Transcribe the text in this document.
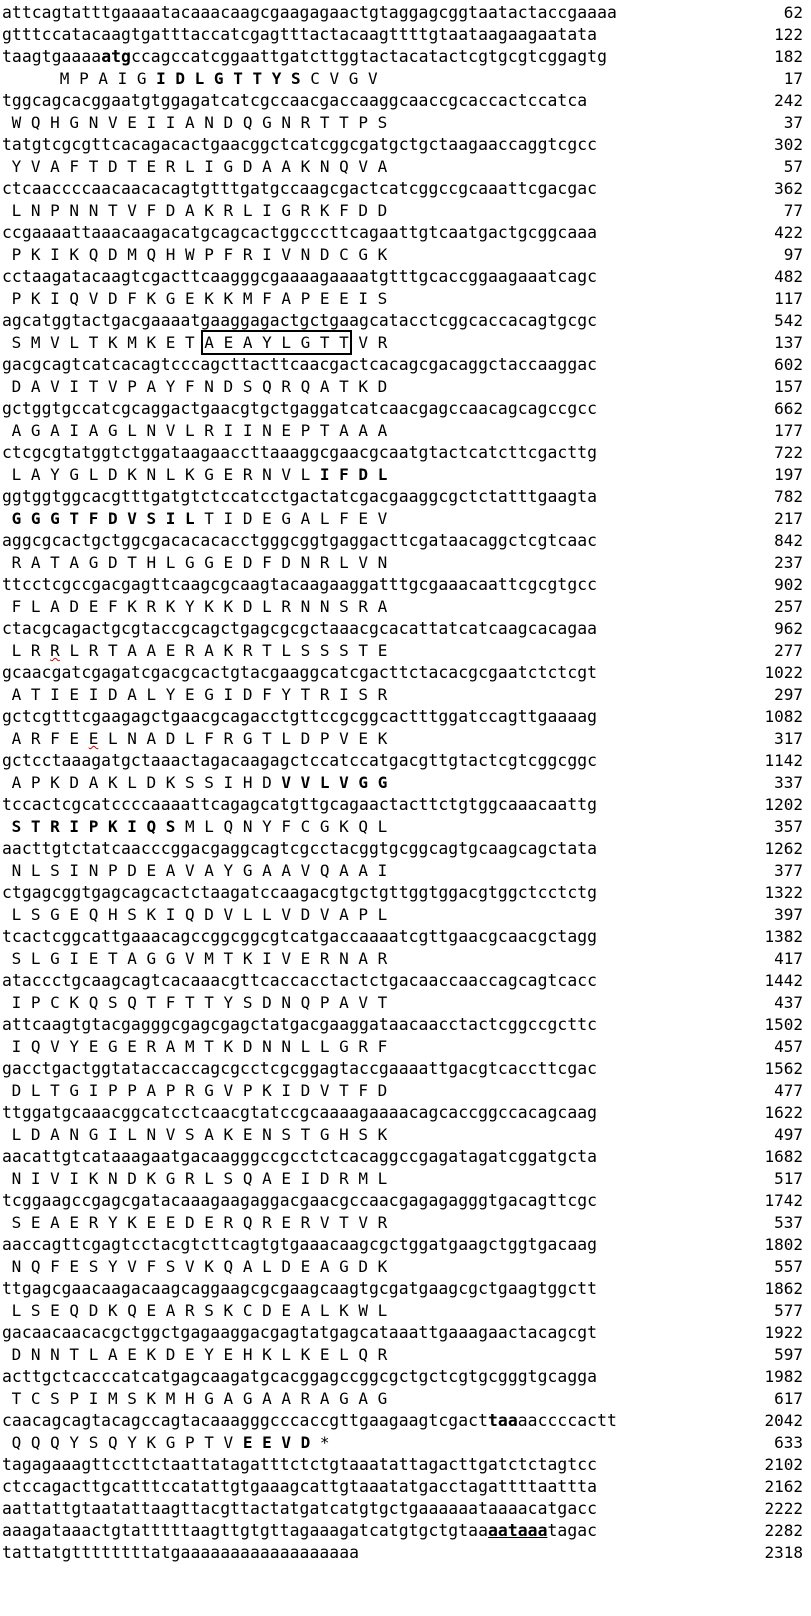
attcagtatttgaaaatacaaacaagcgaagagaactgtaggagcggtaatactaccgaaaa	62
gtttccatacaagtgatttaccatcgagtttactacaagttttgtaataagaagaatata	122
taagtgaaaaatgccagccatcggaattgatcttggtactacatactcgtgcgtcggagtg	182
M P A I G I D L G T T Y S C V G V	17
tggcagcacggaatgtggagatcatcgccaacgaccaaggcaaccgcaccactccatca	242
W Q H G N V E I I A N D Q G N R T T P S	37
tatgtcgcgttcacagacactgaacggctcatcggcgatgctgctaagaaccaggtcgcc	302
Y V A F T D T E R L I G D A A K N Q V A	57
ctcaaccccaacaacacagtgtttgatgccaagcgactcatcggccgcaaattcgacgac	362
L N P N N T V F D A K R L I G R K F D D	77
ccgaaaattaaacaagacatgcagcactggcccttcagaattgtcaatgactgcggcaaa	422
P K I K Q D M Q H W P F R I V N D C G K	97
cctaagatacaagtcgacttcaagggcgaaaagaaaatgtttgcaccggaagaaatcagc	482
P K I Q V D F K G E K K M F A P E E I S	117
agcatggtactgacgaaaatgaaggagactgctgaagcatacctcggcaccacagtgcgc	542
S M V L T K M K E T A E A Y L G T T V R	137
gacgcagtcatcacagtcccagcttacttcaacgactcacagcgacaggctaccaaggac	602
D A V I T V P A Y F N D S Q R Q A T K D	157
gctggtgccatcgcaggactgaacgtgctgaggatcatcaacgagccaacagcagccgcc	662
A G A I A G L N V L R I I N E P T A A A	177
ctcgcgtatggtctggataagaaccttaaaggcgaacgcaatgtactcatcttcgacttg	722
L A Y G L D K N L K G E R N V L I F D L	197
ggtggtggcacgtttgatgtctccatcctgactatcgacgaaggcgctctatttgaagta	782
G G G T F D V S I L T I D E G A L F E V	217
aggcgcactgctggcgacacacacctgggcggtgaggacttcgataacaggctcgtcaac	842
R A T A G D T H L G G E D F D N R L V N	237
ttcctcgccgacgagttcaagcgcaagtacaagaaggatttgcgaaacaattcgcgtgcc	902
F L A D E F K R K Y K K D L R N N S R A	257
ctacgcagactgcgtaccgcagctgagcgcgctaaacgcacattatcatcaagcacagaa	962
L R R L R T A A E R A K R T L S S S T E	277
gcaacgatcgagatcgacgcactgtacgaaggcatcgacttctacacgcgaatctctcgt	1022
A T I E I D A L Y E G I D F Y T R I S R	297
gctcgtttcgaagagctgaacgcagacctgttccgcggcactttggatccagttgaaaag	1082
A R F E E L N A D L F R G T L D P V E K	317
gctcctaaagatgctaaactagacaagagctccatccatgacgttgtactcgtcggcggc	1142
A P K D A K L D K S S I H D V V L V G G	337
tccactcgcatccccaaaattcagagcatgttgcagaactacttctgtggcaaacaattg	1202
S T R I P K I Q S M L Q N Y F C G K Q L	357
aacttgtctatcaacccggacgaggcagtcgcctacggtgcggcagtgcaagcagctata	1262
N L S I N P D E A V A Y G A A V Q A A I	377
ctgagcggtgagcagcactctaagatccaagacgtgctgttggtggacgtggctcctctg	1322
L S G E Q H S K I Q D V L L V D V A P L	397
tcactcggcattgaaacagccggcggcgtcatgaccaaaatcgttgaacgcaacgctagg	1382
S L G I E T A G G V M T K I V E R N A R	417
ataccctgcaagcagtcacaaacgttcaccacctactctgacaaccaaccagcagtcacc	1442
I P C K Q S Q T F T T Y S D N Q P A V T	437
attcaagtgtacgagggcgagcgagctatgacgaaggataacaacctactcggccgcttc	1502
I Q V Y E G E R A M T K D N N L L G R F	457
gacctgactggtataccaccagcgcctcgcggagtaccgaaaattgacgtcaccttcgac	1562
D L T G I P P A P R G V P K I D V T F D	477
ttggatgcaaacggcatcctcaacgtatccgcaaaagaaaacagcaccggccacagcaag	1622
L D A N G I L N V S A K E N S T G H S K	497
aacattgtcataaagaatgacaagggccgcctctcacaggccgagatagatcggatgcta	1682
N I V I K N D K G R L S Q A E I D R M L	517
tcggaagccgagcgatacaaagaagaggacgaacgccaacgagagagggtgacagttcgc	1742
S E A E R Y K E E D E R Q R E R V T V R	537
aaccagttcgagtcctacgtcttcagtgtgaaacaagcgctggatgaagctggtgacaag	1802
N Q F E S Y V F S V K Q A L D E A G D K	557
ttgagcgaacaagacaagcaggaagcgcgaagcaagtgcgatgaagcgctgaagtggctt	1862
L S E Q D K Q E A R S K C D E A L K W L	577
gacaacaacacgctggctgagaaggacgagtatgagcataaattgaaagaactacagcgt	1922
D N N T L A E K D E Y E H K L K E L Q R	597
acttgctcacccatcatgagcaagatgcacggagccggcgctgctcgtgcgggtgcagga	1982
T C S P I M S K M H G A G A A R A G A G	617
caacagcagtacagccagtacaaagggcccaccgttgaagaagtcgacttaaaaccccactt	2042
Q Q Q Y S Q Y K G P T V E E V D *	633
tagagaaagttccttctaattatagatttctctgtaaatattagacttgatctctagtcc	2102
ctccagacttgcatttccatattgtgaaagcattgtaaatatgacctagattttaattta	2162
aattattgtaatattaagttacgttactatgatcatgtgctgaaaaaataaaacatgacc	2222
aaagataaactgtatttttaagttgtgttagaaagatcatgtgctgtaaaataaatagac	2282
tattatgttttttttatgaaaaaaaaaaaaaaaaaa	2318
